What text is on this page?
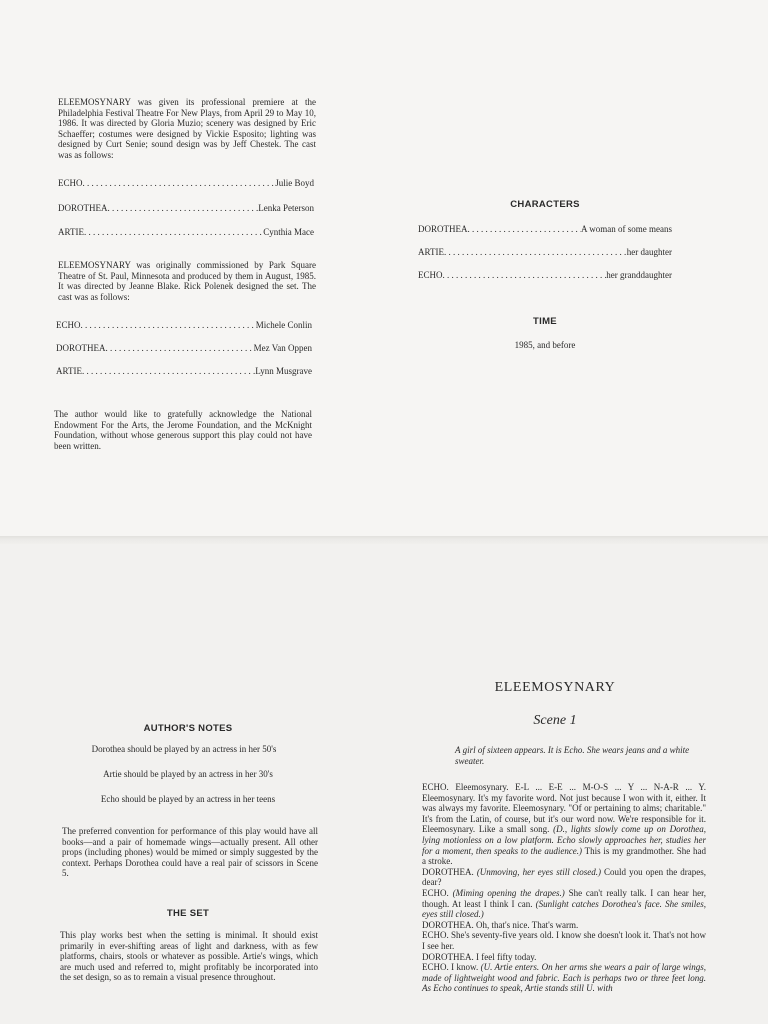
ELEEMOSYNARY was given its professional premiere at the Philadelphia Festival Theatre For New Plays, from April 29 to May 10, 1986. It was directed by Gloria Muzio; scenery was designed by Eric Schaeffer; costumes were designed by Vickie Esposito; lighting was designed by Curt Senie; sound design was by Jeff Chestek. The cast was as follows:
ECHO . . .	Julie Boyd
DOROTHEA . . .	Lenka Peterson
ARTIE . . .	Cynthia Mace
ELEEMOSYNARY was originally commissioned by Park Square Theatre of St. Paul, Minnesota and produced by them in August, 1985. It was directed by Jeanne Blake. Rick Polenek designed the set. The cast was as follows:
ECHO . . .	Michele Conlin
DOROTHEA . . .	Mez Van Oppen
ARTIE . . .	Lynn Musgrave
The author would like to gratefully acknowledge the National Endowment For the Arts, the Jerome Foundation, and the McKnight Foundation, without whose generous support this play could not have been written.
CHARACTERS
DOROTHEA . . .	A woman of some means
ARTIE . . .	her daughter
ECHO . . .	her granddaughter
TIME
1985, and before
AUTHOR'S NOTES
Dorothea should be played by an actress in her 50's
Artie should be played by an actress in her 30's
Echo should be played by an actress in her teens
The preferred convention for performance of this play would have all books—and a pair of homemade wings—actually present. All other props (including phones) would be mimed or simply suggested by the context. Perhaps Dorothea could have a real pair of scissors in Scene 5.
THE SET
This play works best when the setting is minimal. It should exist primarily in ever-shifting areas of light and darkness, with as few platforms, chairs, stools or whatever as possible. Artie's wings, which are much used and referred to, might profitably be incorporated into the set design, so as to remain a visual presence throughout.
ELEEMOSYNARY
Scene 1
A girl of sixteen appears. It is Echo. She wears jeans and a white sweater.
ECHO. Eleemosynary. E-L ... E-E ... M-O-S ... Y ... N-A-R ... Y. Eleemosynary. It's my favorite word. Not just because I won with it, either. It was always my favorite. Eleemosynary. "Of or pertaining to alms; charitable." It's from the Latin, of course, but it's our word now. We're responsible for it. Eleemosynary. Like a small song. (D., lights slowly come up on Dorothea, lying motionless on a low platform. Echo slowly approaches her, studies her for a moment, then speaks to the audience.) This is my grandmother. She had a stroke.
DOROTHEA. (Unmoving, her eyes still closed.) Could you open the drapes, dear?
ECHO. (Miming opening the drapes.) She can't really talk. I can hear her, though. At least I think I can. (Sunlight catches Dorothea's face. She smiles, eyes still closed.)
DOROTHEA. Oh, that's nice. That's warm.
ECHO. She's seventy-five years old. I know she doesn't look it. That's not how I see her.
DOROTHEA. I feel fifty today.
ECHO. I know. (U. Artie enters. On her arms she wears a pair of large wings, made of lightweight wood and fabric. Each is perhaps two or three feet long. As Echo continues to speak, Artie stands still U. with
